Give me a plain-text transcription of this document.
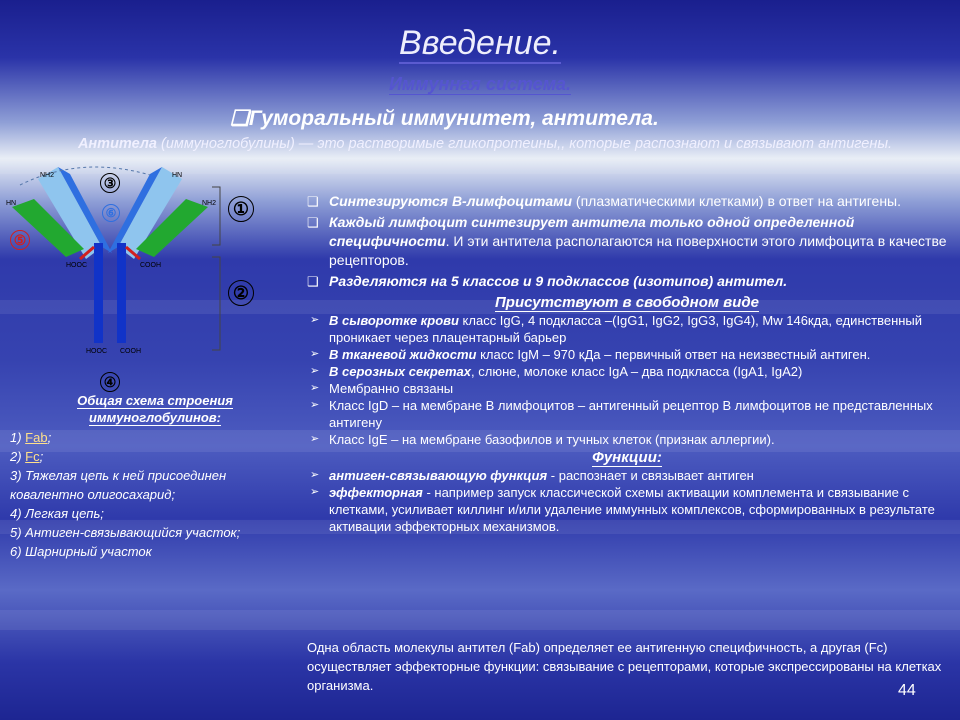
Введение.
Иммунная система.
❑Гуморальный иммунитет, антитела.
Антитела (иммуноглобулины) — это растворимые гликопротеины,, которые распознают и связывают антигены.
NH2	HN
HN	NH2
HOOC	COOH
HOOC COOH
③
⑥
⑤
①
②
④
Общая схема строения иммуноглобулинов:
1) Fab;
2) Fc;
3) Тяжелая цепь к ней присоединен ковалентно олигосахарид;
4) Легкая цепь;
5) Антиген-связывающийся участок;
6) Шарнирный участок
❑ Синтезируются В-лимфоцитами (плазматическими клетками) в ответ на антигены.
❑ Каждый лимфоцит синтезирует антитела только одной определенной специфичности. И эти антитела располагаются на поверхности этого лимфоцита в качестве рецепторов.
❑ Разделяются на 5 классов и 9 подклассов (изотипов) антител.
Присутствуют в свободном виде
➢ В сыворотке крови класс IgG, 4 подкласса –(IgG1, IgG2, IgG3, IgG4), Mw 146кда, единственный проникает через плацентарный барьер
➢ В тканевой жидкости класс IgM – 970 кДа – первичный ответ на неизвестный антиген.
➢ В серозных секретах, слюне, молоке класс IgA – два подкласса (IgA1, IgA2)
➢ Мембранно связаны
➢ Класс IgD – на мембране В лимфоцитов – антигенный рецептор В лимфоцитов не представленных антигену
➢ Класс IgE – на мембране базофилов и тучных клеток (признак аллергии).
Функции:
➢ антиген-связывающую функция - распознает и связывает антиген
➢ эффекторная - например запуск классической схемы активации комплемента и связывание с клетками, усиливает киллинг и/или удаление иммунных комплексов, сформированных в результате активации эффекторных механизмов.
Одна область молекулы антител (Fab) определяет ее антигенную специфичность, а другая (Fc) осуществляет эффекторные функции: связывание с рецепторами, которые экспрессированы на клетках организма.	44
